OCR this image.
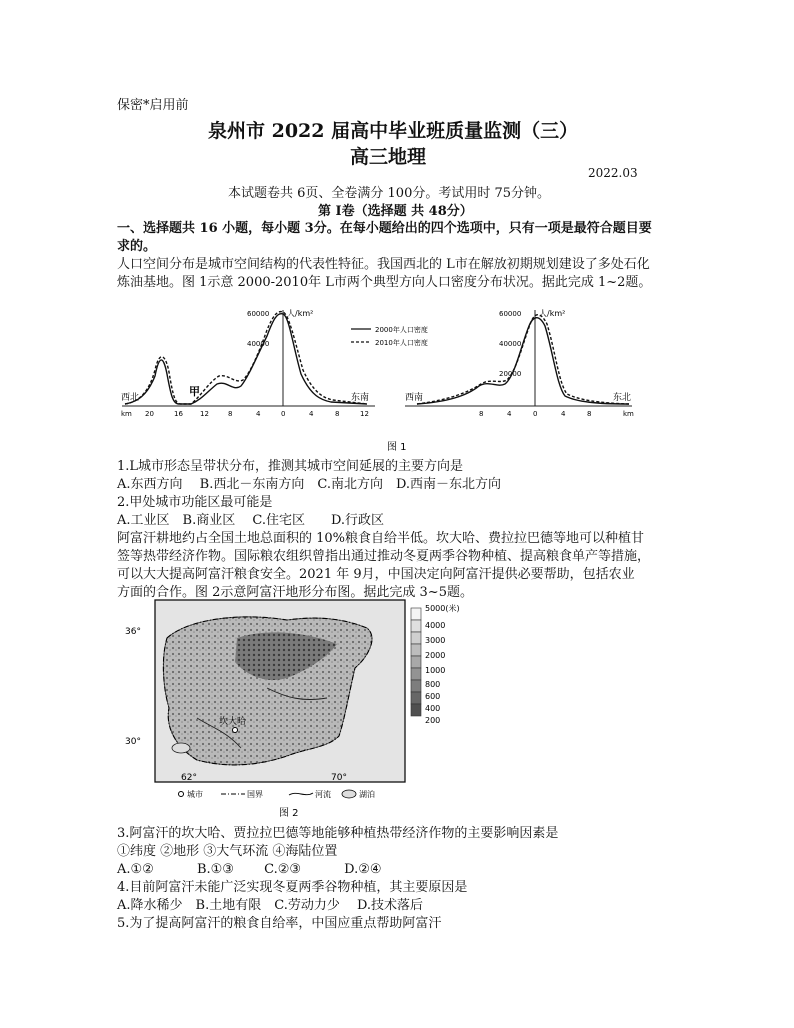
保密*启用前
泉州市 2022 届高中毕业班质量监测（三）
高三地理
2022.03
本试题卷共 6页、全卷满分 100分。考试用时 75分钟。
第 I卷（选择题 共 48分）
一、选择题共 16 小题，每小题 3分。在每小题给出的四个选项中，只有一项是最符合题目要
求的。
人口空间分布是城市空间结构的代表性特征。我国西北的 L市在解放初期规划建设了多处石化
炼油基地。图 1示意 2000-2010年 L市两个典型方向人口密度分布状况。据此完成 1~2题。
人/km²
60000
40000
西北	东南
甲
km 20	16 12	8	4	0	4	8	12
2000年人口密度
2010年人口密度
人/km²
60000
40000
20000
西南	东北
8	4	0	4	8	km
图 1
1.L城市形态呈带状分布，推测其城市空间延展的主要方向是
A.东西方向　 B.西北－东南方向　C.南北方向　D.西南－东北方向
2.甲处城市功能区最可能是
A.工业区　B.商业区　 C.住宅区　　D.行政区
阿富汗耕地约占全国土地总面积的 10%粮食自给半低。坎大哈、费拉拉巴德等地可以种植甘
签等热带经济作物。国际粮农组织曾指出通过推动冬夏两季谷物种植、提高粮食单产等措施，
可以大大提高阿富汗粮食安全。2021 年 9月，中国决定向阿富汗提供必要帮助，包括农业
方面的合作。图 2示意阿富汗地形分布图。据此完成 3~5题。
坎大哈
36°
30°
62°	70°
5000(米)
4000
3000
2000
1000
800
600
400
200
城市	国界	河流	湖泊
图 2
3.阿富汗的坎大哈、贾拉拉巴德等地能够种植热带经济作物的主要影响因素是
①纬度 ②地形 ③大气环流 ④海陆位置
A.①②　　　 B.①③　　 C.②③　　　 D.②④
4.目前阿富汗未能广泛实现冬夏两季谷物种植，其主要原因是
A.降水稀少　B.土地有限　C.劳动力少　 D.技术落后
5.为了提高阿富汗的粮食自给率，中国应重点帮助阿富汗
